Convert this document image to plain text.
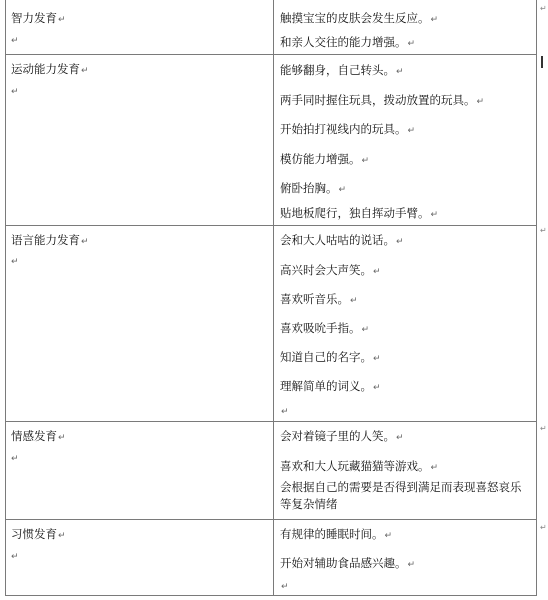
智力发育↵
↵
触摸宝宝的皮肤会发生反应。↵
和亲人交往的能力增强。↵
运动能力发育↵
↵
能够翻身，自己转头。↵
两手同时握住玩具，拨动放置的玩具。↵
开始拍打视线内的玩具。↵
模仿能力增强。↵
俯卧抬胸。↵
贴地板爬行，独自挥动手臂。↵
语言能力发育↵
↵
会和大人咕咕的说话。↵
高兴时会大声笑。↵
喜欢听音乐。↵
喜欢吸吮手指。↵
知道自己的名字。↵
理解简单的词义。↵
↵
情感发育↵
↵
会对着镜子里的人笑。↵
喜欢和大人玩藏猫猫等游戏。↵
会根据自己的需要是否得到满足而表现喜怒哀乐等复杂情绪
习惯发育↵
↵
有规律的睡眠时间。↵
开始对辅助食品感兴趣。↵
↵
↵
↵
↵
↵
